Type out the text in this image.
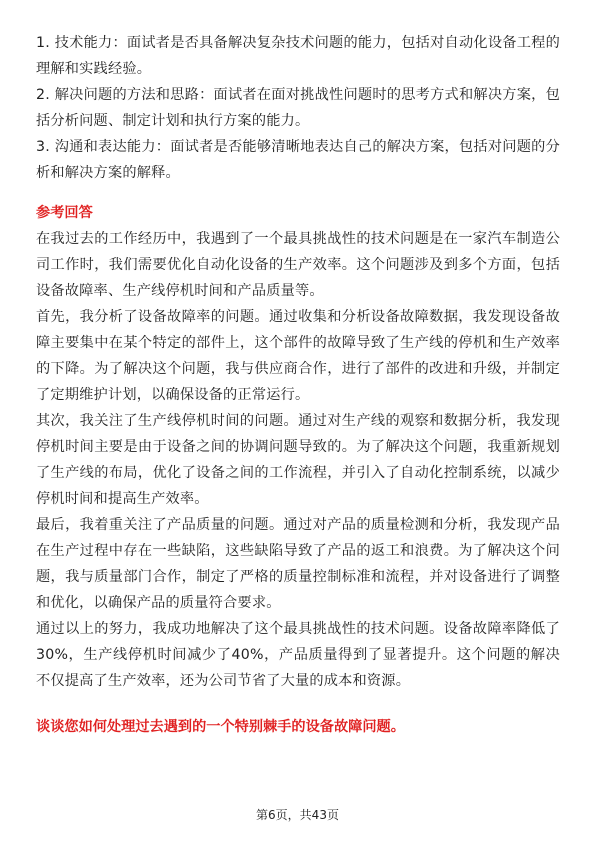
1. 技术能力：面试者是否具备解决复杂技术问题的能力，包括对自动化设备工程的理解和实践经验。

2. 解决问题的方法和思路：面试者在面对挑战性问题时的思考方式和解决方案，包括分析问题、制定计划和执行方案的能力。

3. 沟通和表达能力：面试者是否能够清晰地表达自己的解决方案，包括对问题的分析和解决方案的解释。

参考回答

在我过去的工作经历中，我遇到了一个最具挑战性的技术问题是在一家汽车制造公司工作时，我们需要优化自动化设备的生产效率。这个问题涉及到多个方面，包括设备故障率、生产线停机时间和产品质量等。

首先，我分析了设备故障率的问题。通过收集和分析设备故障数据，我发现设备故障主要集中在某个特定的部件上，这个部件的故障导致了生产线的停机和生产效率的下降。为了解决这个问题，我与供应商合作，进行了部件的改进和升级，并制定了定期维护计划，以确保设备的正常运行。

其次，我关注了生产线停机时间的问题。通过对生产线的观察和数据分析，我发现停机时间主要是由于设备之间的协调问题导致的。为了解决这个问题，我重新规划了生产线的布局，优化了设备之间的工作流程，并引入了自动化控制系统，以减少停机时间和提高生产效率。

最后，我着重关注了产品质量的问题。通过对产品的质量检测和分析，我发现产品在生产过程中存在一些缺陷，这些缺陷导致了产品的返工和浪费。为了解决这个问题，我与质量部门合作，制定了严格的质量控制标准和流程，并对设备进行了调整和优化，以确保产品的质量符合要求。

通过以上的努力，我成功地解决了这个最具挑战性的技术问题。设备故障率降低了30%，生产线停机时间减少了40%，产品质量得到了显著提升。这个问题的解决不仅提高了生产效率，还为公司节省了大量的成本和资源。

谈谈您如何处理过去遇到的一个特别棘手的设备故障问题。
第6页，共43页
